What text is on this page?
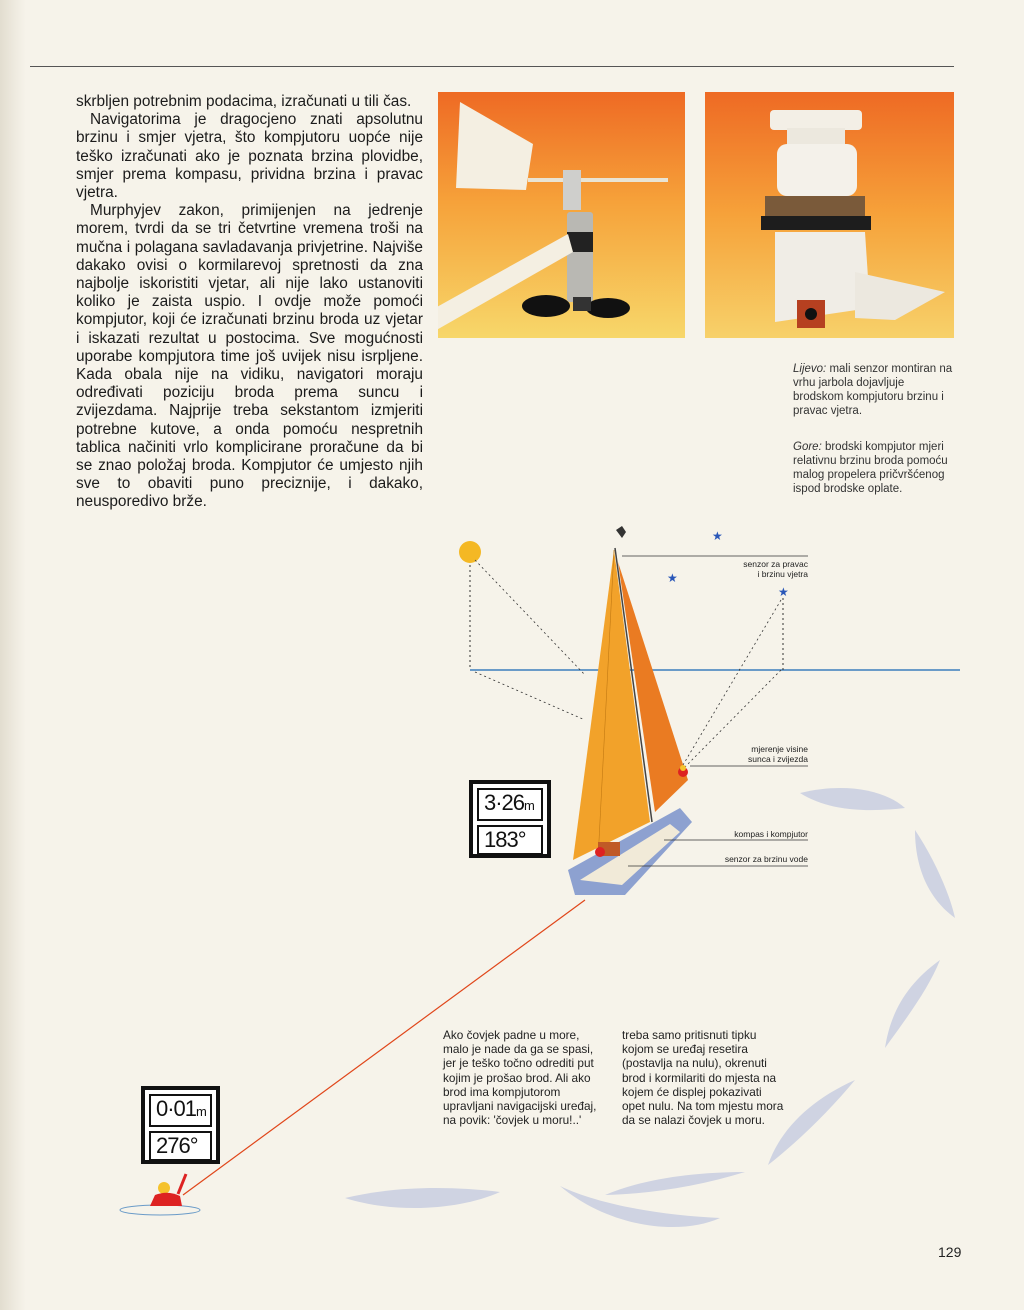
skrbljen potrebnim podacima, izračunati u tili čas.

Navigatorima je dragocjeno znati apsolutnu brzinu i smjer vjetra, što kompjutoru uopće nije teško izračunati ako je poznata brzina plovidbe, smjer prema kompasu, prividna brzina i pravac vjetra.

Murphyjev zakon, primijenjen na jedrenje morem, tvrdi da se tri četvrtine vremena troši na mučna i polagana savladavanja privjetrine. Najviše dakako ovisi o kormilarevoj spretnosti da zna najbolje iskoristiti vjetar, ali nije lako ustanoviti koliko je zaista uspio. I ovdje može pomoći kompjutor, koji će izračunati brzinu broda uz vjetar i iskazati rezultat u postocima. Sve mogućnosti uporabe kompjutora time još uvijek nisu isrpljene. Kada obala nije na vidiku, navigatori moraju određivati poziciju broda prema suncu i zvijezdama. Najprije treba sekstantom izmjeriti potrebne kutove, a onda pomoću nespretnih tablica načiniti vrlo komplicirane proračune da bi se znao položaj broda. Kompjutor će umjesto njih sve to obaviti puno preciznije, i dakako, neusporedivo brže.

Lijevo: mali senzor montiran na vrhu jarbola dojavljuje brodskom kompjutoru brzinu i pravac vjetra.
Gore: brodski kompjutor mjeri relativnu brzinu broda pomoću malog propelera pričvršćenog ispod brodske oplate.
★
★
★
senzor za pravac
i brzinu vjetra
mjerenje visine
sunca i zvijezda
kompas i kompjutor
senzor za brzinu vode
3·26m
183°
0·01m
276°
Ako čovjek padne u more, malo je nade da ga se spasi, jer je teško točno odrediti put kojim je prošao brod. Ali ako brod ima kompjutorom upravljani navigacijski uređaj, na povik: 'čovjek u moru!..'
treba samo pritisnuti tipku kojom se uređaj resetira (postavlja na nulu), okrenuti brod i kormilariti do mjesta na kojem će displej pokazivati opet nulu. Na tom mjestu mora da se nalazi čovjek u moru.
129
